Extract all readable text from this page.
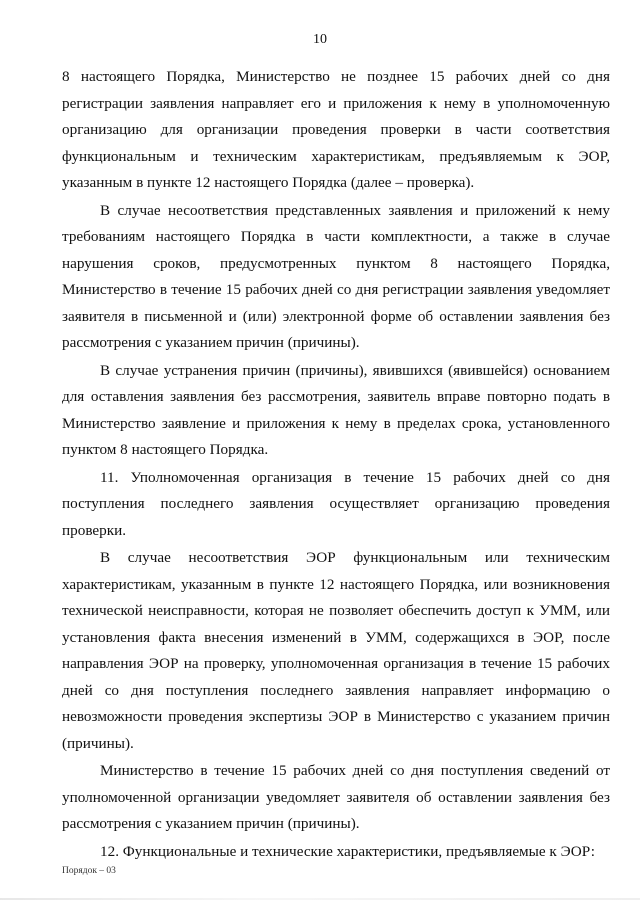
10

8 настоящего Порядка, Министерство не позднее 15 рабочих дней со дня регистрации заявления направляет его и приложения к нему в уполномоченную организацию для организации проведения проверки в части соответствия функциональным и техническим характеристикам, предъявляемым к ЭОР, указанным в пункте 12 настоящего Порядка (далее – проверка).

В случае несоответствия представленных заявления и приложений к нему требованиям настоящего Порядка в части комплектности, а также в случае нарушения сроков, предусмотренных пунктом 8 настоящего Порядка, Министерство в течение 15 рабочих дней со дня регистрации заявления уведомляет заявителя в письменной и (или) электронной форме об оставлении заявления без рассмотрения с указанием причин (причины).

В случае устранения причин (причины), явившихся (явившейся) основанием для оставления заявления без рассмотрения, заявитель вправе повторно подать в Министерство заявление и приложения к нему в пределах срока, установленного пунктом 8 настоящего Порядка.

11. Уполномоченная организация в течение 15 рабочих дней со дня поступления последнего заявления осуществляет организацию проведения проверки.

В случае несоответствия ЭОР функциональным или техническим характеристикам, указанным в пункте 12 настоящего Порядка, или возникновения технической неисправности, которая не позволяет обеспечить доступ к УММ, или установления факта внесения изменений в УММ, содержащихся в ЭОР, после направления ЭОР на проверку, уполномоченная организация в течение 15 рабочих дней со дня поступления последнего заявления направляет информацию о невозможности проведения экспертизы ЭОР в Министерство с указанием причин (причины).

Министерство в течение 15 рабочих дней со дня поступления сведений от уполномоченной организации уведомляет заявителя об оставлении заявления без рассмотрения с указанием причин (причины).

12. Функциональные и технические характеристики, предъявляемые к ЭОР:

Порядок – 03
